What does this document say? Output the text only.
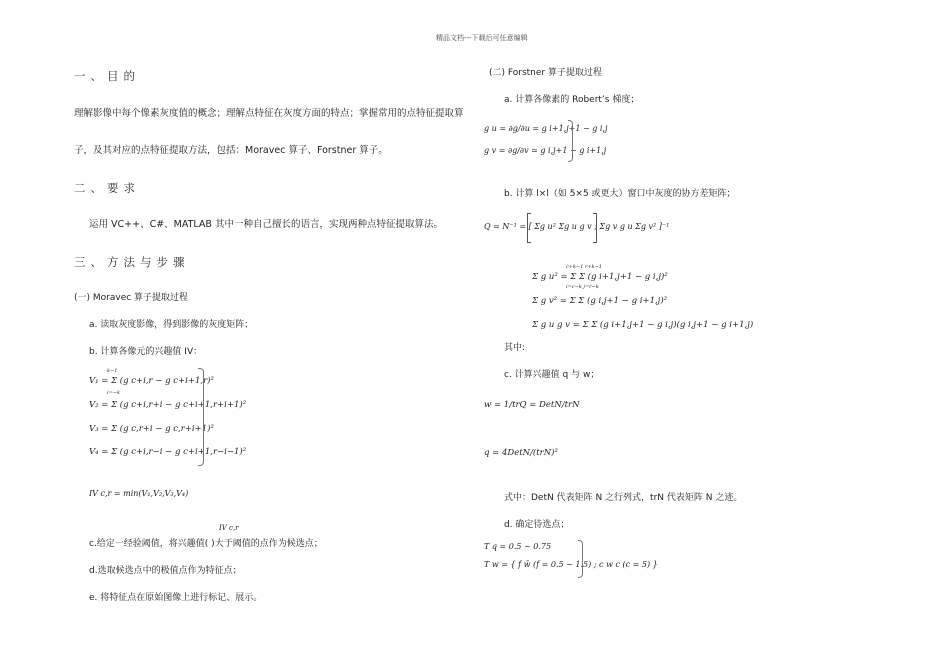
精品文档---下载后可任意编辑
一、目的
理解影像中每个像素灰度值的概念；理解点特征在灰度方面的特点；掌握常用的点特征提取算
子，及其对应的点特征提取方法，包括：Moravec 算子、Forstner 算子。
二、要求
运用 VC++、C#、MATLAB 其中一种自己擅长的语言，实现两种点特征提取算法。
三、方法与步骤
(一) Moravec 算子提取过程
a. 读取灰度影像，得到影像的灰度矩阵；
b. 计算各像元的兴趣值 IV：
k−1
V₁ = Σ (g c+i,r − g c+i+1,r)²
i=−k
V₂ = Σ (g c+i,r+i − g c+i+1,r+i+1)²
V₃ = Σ (g c,r+i − g c,r+i+1)²
V₄ = Σ (g c+i,r−i − g c+i+1,r−i−1)²
IV c,r = min(V₁,V₂,V₃,V₄)
IV c,r
c.给定一经验阈值，将兴趣值( )大于阈值的点作为候选点；
d.选取候选点中的极值点作为特征点；
e. 将特征点在原始图像上进行标记、展示。
(二) Forstner 算子提取过程
a. 计算各像素的 Robert’s 梯度；
g u = ∂g/∂u = g i+1,j+1 − g i,j
g v = ∂g/∂v = g i,j+1 − g i+1,j
b. 计算 l×l（如 5×5 或更大）窗口中灰度的协方差矩阵；
Q = N⁻¹ = [ Σg u² Σg u g v ; Σg v g u Σg v² ]⁻¹
c+k−1 r+k−1
Σ g u² = Σ Σ (g i+1,j+1 − g i,j)²
i=c−k j=r−k
Σ g v² = Σ Σ (g i,j+1 − g i+1,j)²
Σ g u g v = Σ Σ (g i+1,j+1 − g i,j)(g i,j+1 − g i+1,j)
其中:
c. 计算兴趣值 q 与 w；
w = 1/trQ = DetN/trN
q = 4DetN/(trN)²
式中：DetN 代表矩阵 N 之行列式，trN 代表矩阵 N 之迹。
d. 确定待选点；
T q = 0.5 ~ 0.75
T w = { f w̄ (f = 0.5 ~ 1.5) ; c w c (c = 5) }
